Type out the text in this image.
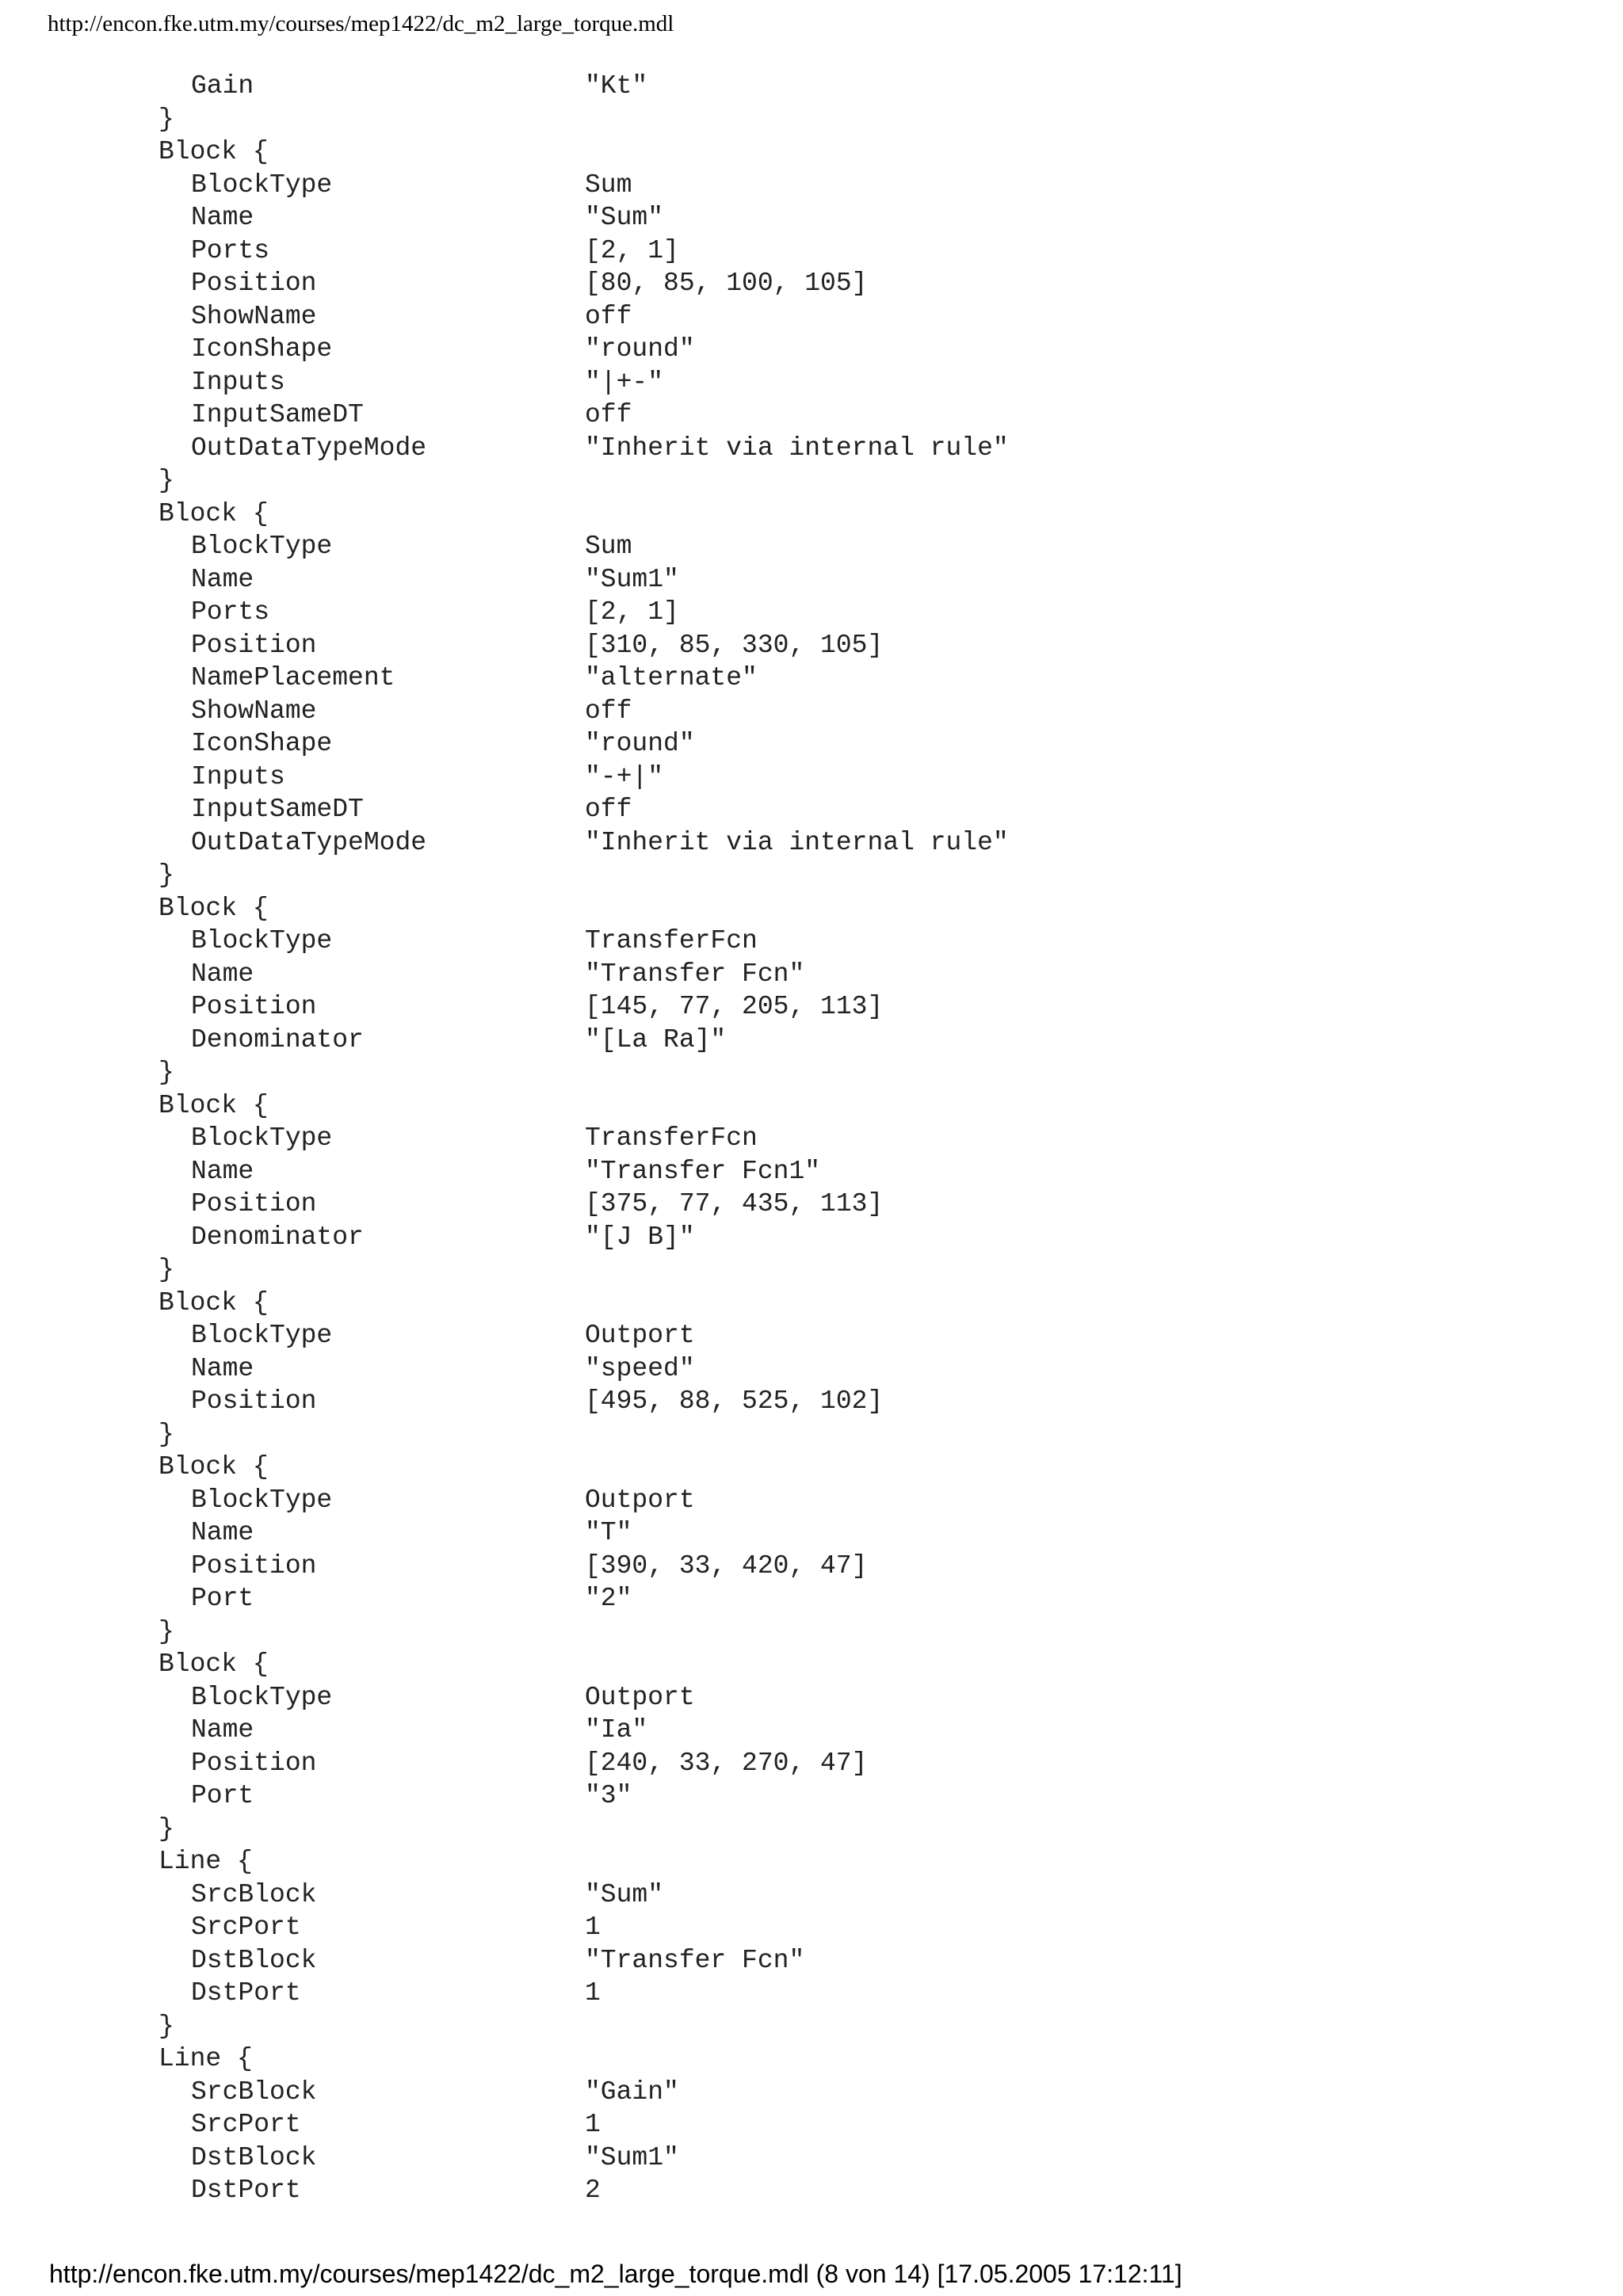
http://encon.fke.utm.my/courses/mep1422/dc_m2_large_torque.mdl
Gain	"Kt"
}
Block {
BlockType	Sum
Name	"Sum"
Ports	[2, 1]
Position	[80, 85, 100, 105]
ShowName	off
IconShape	"round"
Inputs	"|+-"
InputSameDT	off
OutDataTypeMode	"Inherit via internal rule"
}
Block {
BlockType	Sum
Name	"Sum1"
Ports	[2, 1]
Position	[310, 85, 330, 105]
NamePlacement	"alternate"
ShowName	off
IconShape	"round"
Inputs	"-+|"
InputSameDT	off
OutDataTypeMode	"Inherit via internal rule"
}
Block {
BlockType	TransferFcn
Name	"Transfer Fcn"
Position	[145, 77, 205, 113]
Denominator	"[La Ra]"
}
Block {
BlockType	TransferFcn
Name	"Transfer Fcn1"
Position	[375, 77, 435, 113]
Denominator	"[J B]"
}
Block {
BlockType	Outport
Name	"speed"
Position	[495, 88, 525, 102]
}
Block {
BlockType	Outport
Name	"T"
Position	[390, 33, 420, 47]
Port	"2"
}
Block {
BlockType	Outport
Name	"Ia"
Position	[240, 33, 270, 47]
Port	"3"
}
Line {
SrcBlock	"Sum"
SrcPort	1
DstBlock	"Transfer Fcn"
DstPort	1
}
Line {
SrcBlock	"Gain"
SrcPort	1
DstBlock	"Sum1"
DstPort	2
http://encon.fke.utm.my/courses/mep1422/dc_m2_large_torque.mdl (8 von 14) [17.05.2005 17:12:11]
